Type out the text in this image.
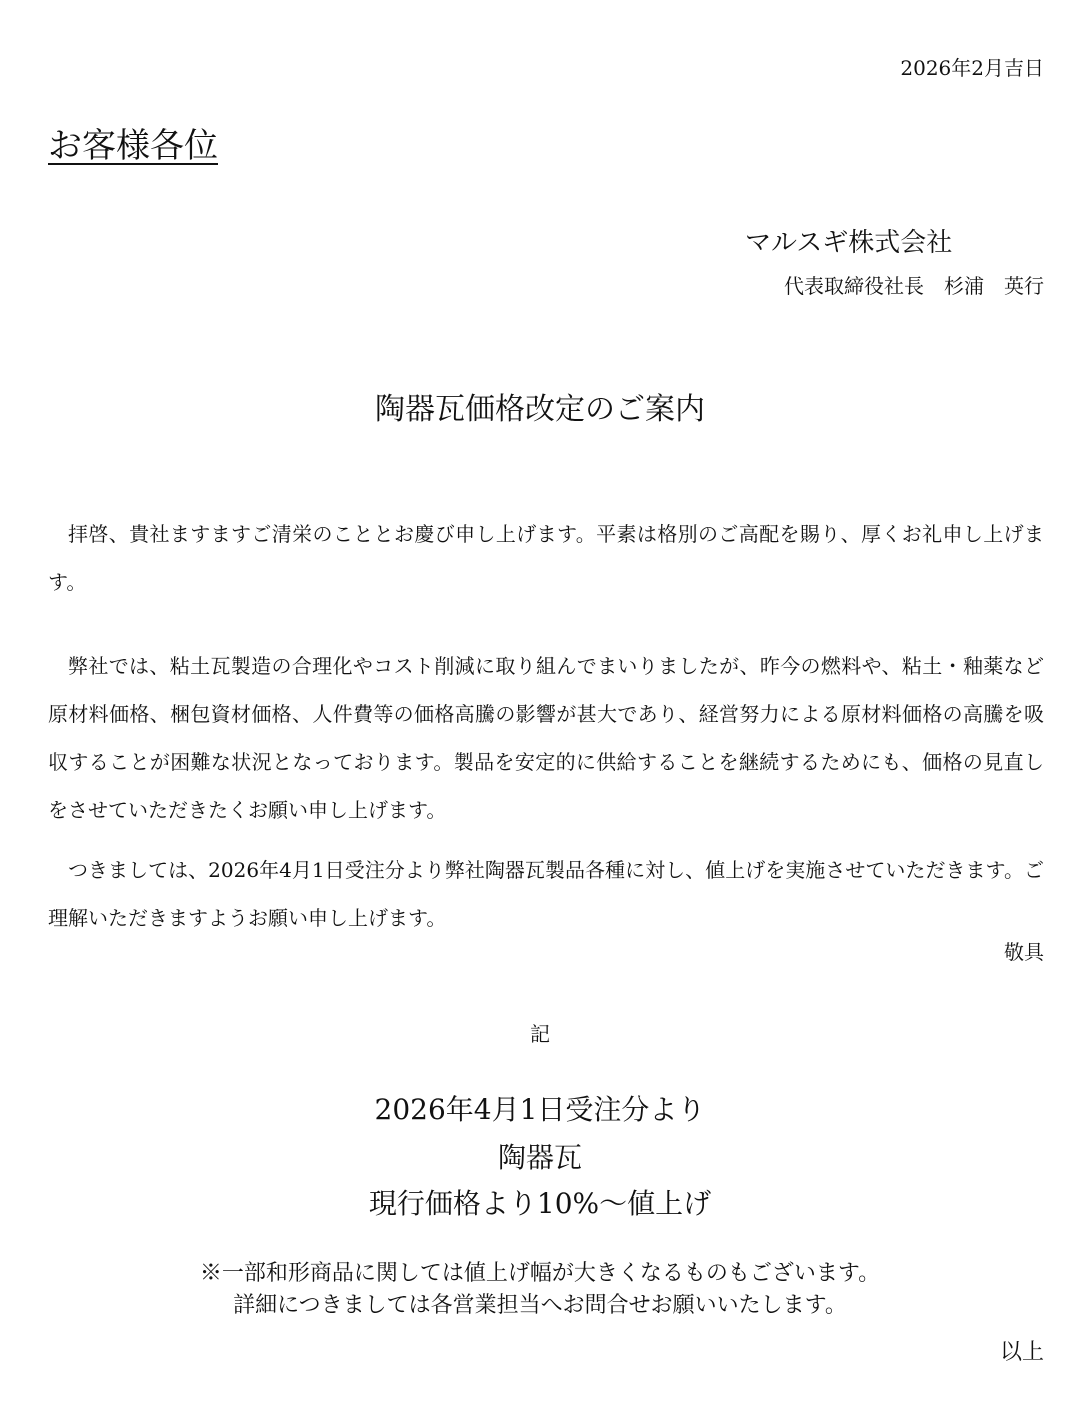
2026年2月吉日

お客様各位

マルスギ株式会社

代表取締役社長　杉浦　英行

陶器瓦価格改定のご案内

拝啓、貴社ますますご清栄のこととお慶び申し上げます。平素は格別のご高配を賜り、厚くお礼申し上げます。

弊社では、粘土瓦製造の合理化やコスト削減に取り組んでまいりましたが、昨今の燃料や、粘土・釉薬など原材料価格、梱包資材価格、人件費等の価格高騰の影響が甚大であり、経営努力による原材料価格の高騰を吸収することが困難な状況となっております。製品を安定的に供給することを継続するためにも、価格の見直しをさせていただきたくお願い申し上げます。

つきましては、2026年4月1日受注分より弊社陶器瓦製品各種に対し、値上げを実施させていただきます。ご理解いただきますようお願い申し上げます。

敬具

記

2026年4月1日受注分より

陶器瓦

現行価格より10%～値上げ

※一部和形商品に関しては値上げ幅が大きくなるものもございます。

詳細につきましては各営業担当へお問合せお願いいたします。

以上
